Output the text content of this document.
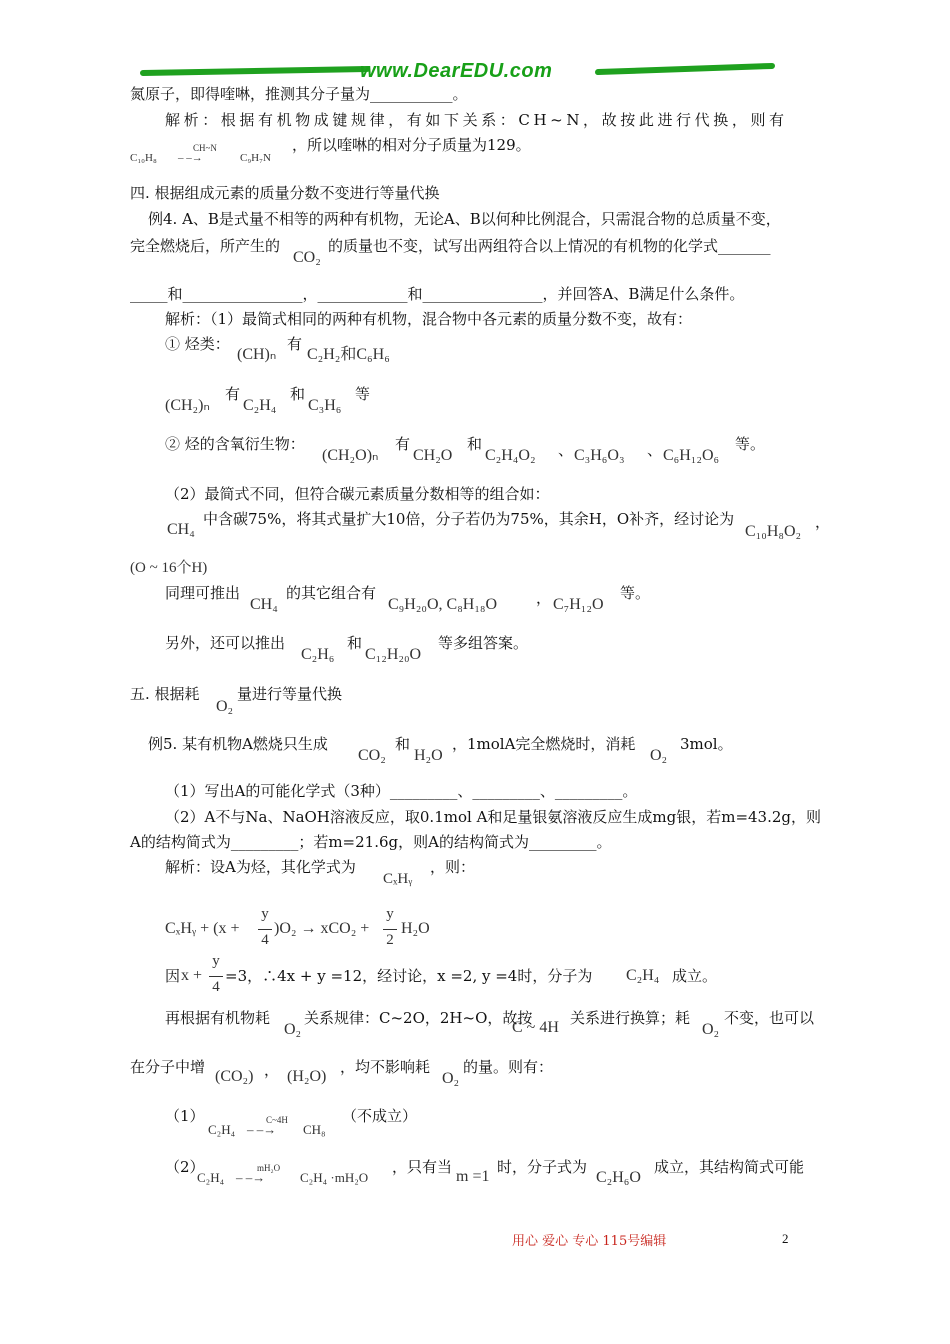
www.DearEDU.com
氮原子，即得喹啉，推测其分子量为___________。
解析：根据有机物成键规律，有如下关系：CH~N，故按此进行代换，则有
C₁₀H₈
CH~N
– –→	C₉H₇N
，所以喹啉的相对分子质量为129。
四. 根据组成元素的质量分数不变进行等量代换
例4. A、B是式量不相等的两种有机物，无论A、B以何种比例混合，只需混合物的总质量不变，
完全燃烧后，所产生的
CO₂
的质量也不变，试写出两组符合以上情况的有机物的化学式_______
_____和________________，____________和________________，并回答A、B满足什么条件。
解析：（1）最简式相同的两种有机物，混合物中各元素的质量分数不变，故有：
① 烃类：
(CH)ₙ
有
C₂H₂和C₆H₆
(CH₂)ₙ
有
C₂H₄
和
C₃H₆
等
② 烃的含氧衍生物：
(CH₂O)ₙ
有
CH₂O
和
C₂H₄O₂ 、 C₃H₆O₃ 、 C₆H₁₂O₆
等。
（2）最简式不同，但符合碳元素质量分数相等的组合如：
CH₄
中含碳75%，将其式量扩大10倍，分子若仍为75%，其余H，O补齐，经讨论为
C₁₀H₈O₂
，
(O ~ 16个H)
同理可推出
CH₄
的其它组合有
C₉H₂₀O, C₈H₁₈O	， C₇H₁₂O
等。
另外，还可以推出
C₂H₆
和
C₁₂H₂₀O
等多组答案。
五. 根据耗
O₂
量进行等量代换
例5. 某有机物A燃烧只生成
CO₂
和
H₂O
，1molA完全燃烧时，消耗
O₂
3mol。
（1）写出A的可能化学式（3种）_________、_________、_________。
（2）A不与Na、NaOH溶液反应，取0.1mol A和足量银氨溶液反应生成mg银，若m=43.2g，则
A的结构简式为_________；若m=21.6g，则A的结构简式为_________。
解析：设A为烃，其化学式为
CₓHᵧ
，则：
CₓHᵧ + (x +
y
4
)O₂ → xCO₂ +
y
2
H₂O
因 x +
y
4
=3，∴4x + y =12，经讨论，x =2, y =4时，分子为 C₂H₄ 成立。
再根据有机物耗
O₂
关系规律：C~2O，2H~O，故按
C ~ 4H
关系进行换算；耗
O₂
不变，也可以
在分子中增
(CO₂) ， (H₂O)
，均不影响耗
O₂
的量。则有：
（1）
C₂H₄
C~4H
– –→ CH₈
（不成立）
（2）
C₂H₄
mH₂O
– –→	C₂H₄ ·mH₂O
，只有当
m =1
时，分子式为
C₂H₆O
成立，其结构简式可能
用心 爱心 专心 115号编辑	2
